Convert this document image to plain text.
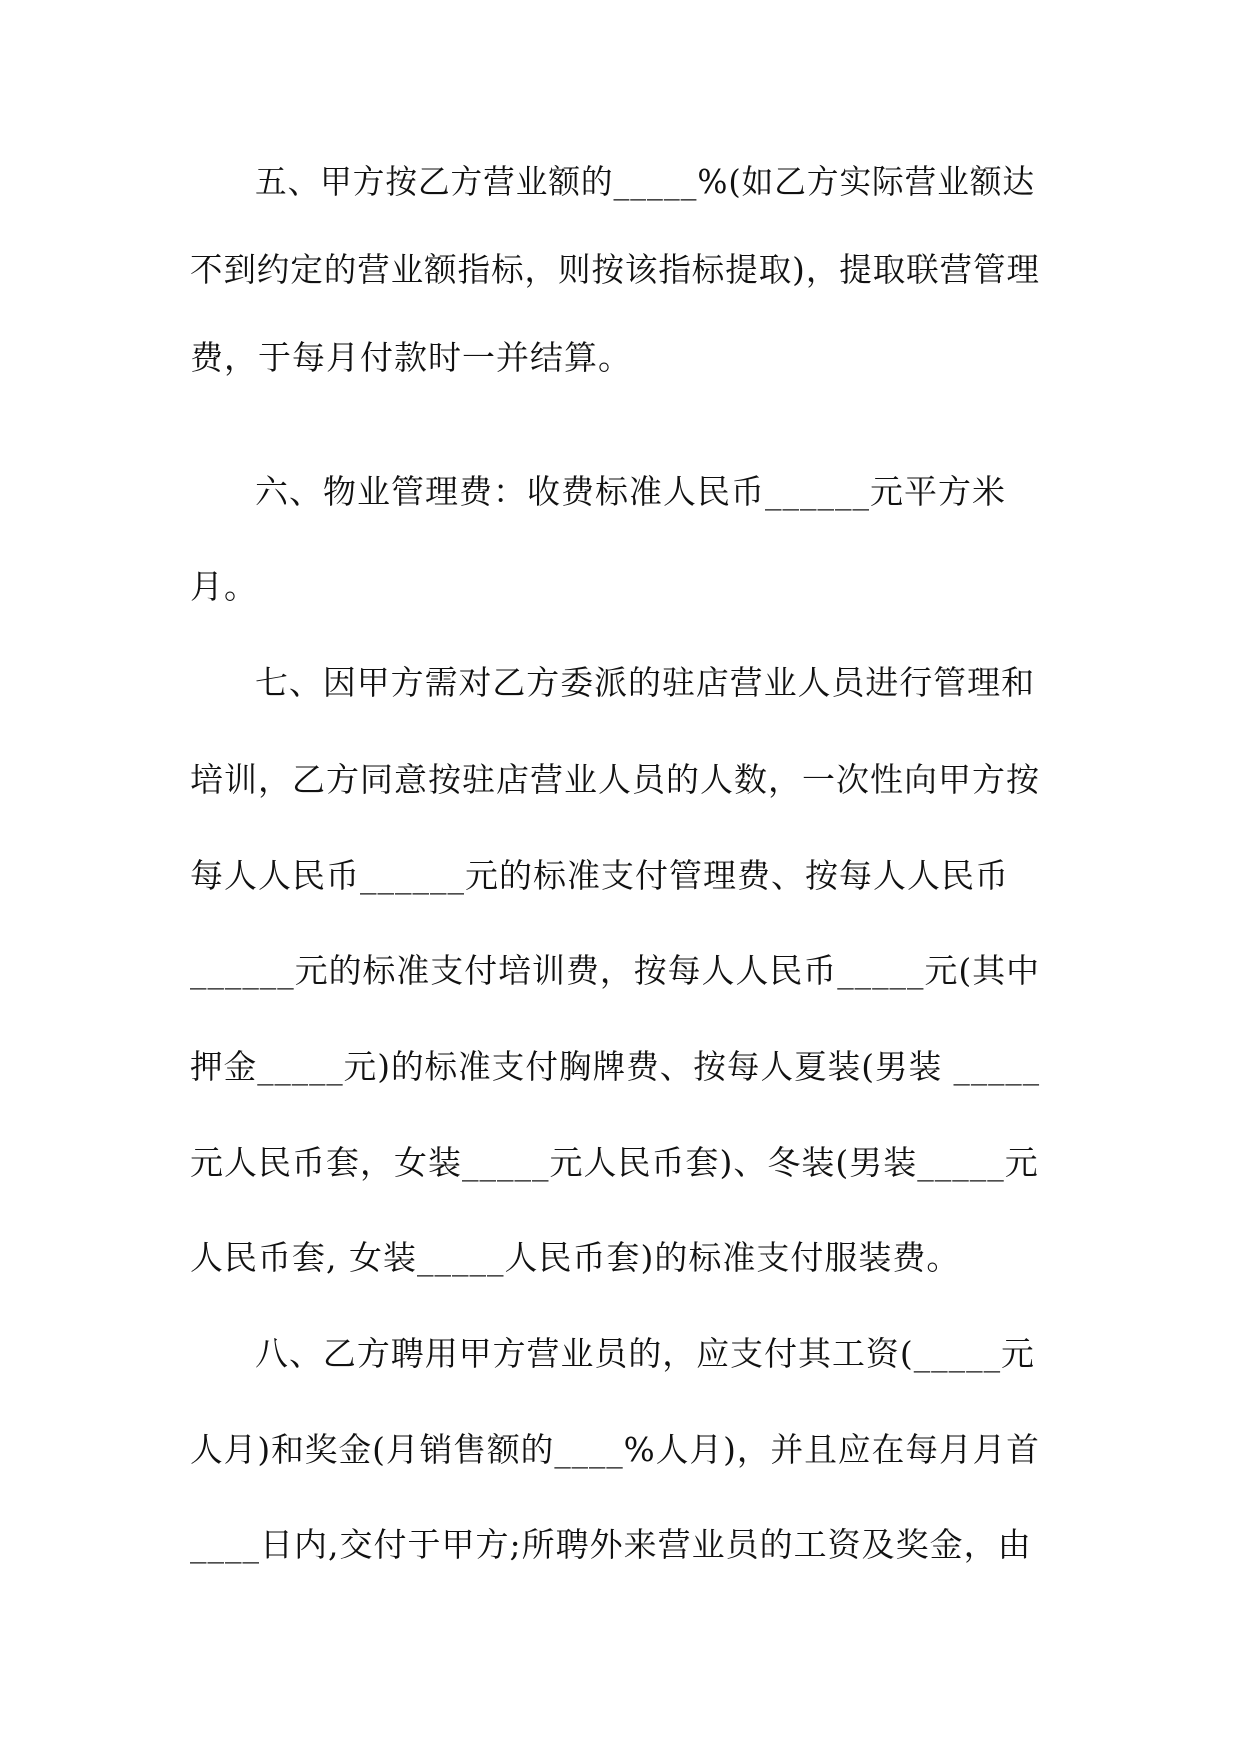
五、甲方按乙方营业额的_____%(如乙方实际营业额达
不到约定的营业额指标，则按该指标提取)，提取联营管理
费，于每月付款时一并结算。
六、物业管理费：收费标准人民币______元平方米
月。
七、因甲方需对乙方委派的驻店营业人员进行管理和
培训，乙方同意按驻店营业人员的人数，一次性向甲方按
每人人民币______元的标准支付管理费、按每人人民币
______元的标准支付培训费，按每人人民币_____元(其中
押金_____元)的标准支付胸牌费、按每人夏装(男装 _____
元人民币套，女装_____元人民币套)、冬装(男装_____元
人民币套, 女装_____人民币套)的标准支付服装费。
八、乙方聘用甲方营业员的，应支付其工资(_____元
人月)和奖金(月销售额的____%人月)，并且应在每月月首
____日内,交付于甲方;所聘外来营业员的工资及奖金，由
